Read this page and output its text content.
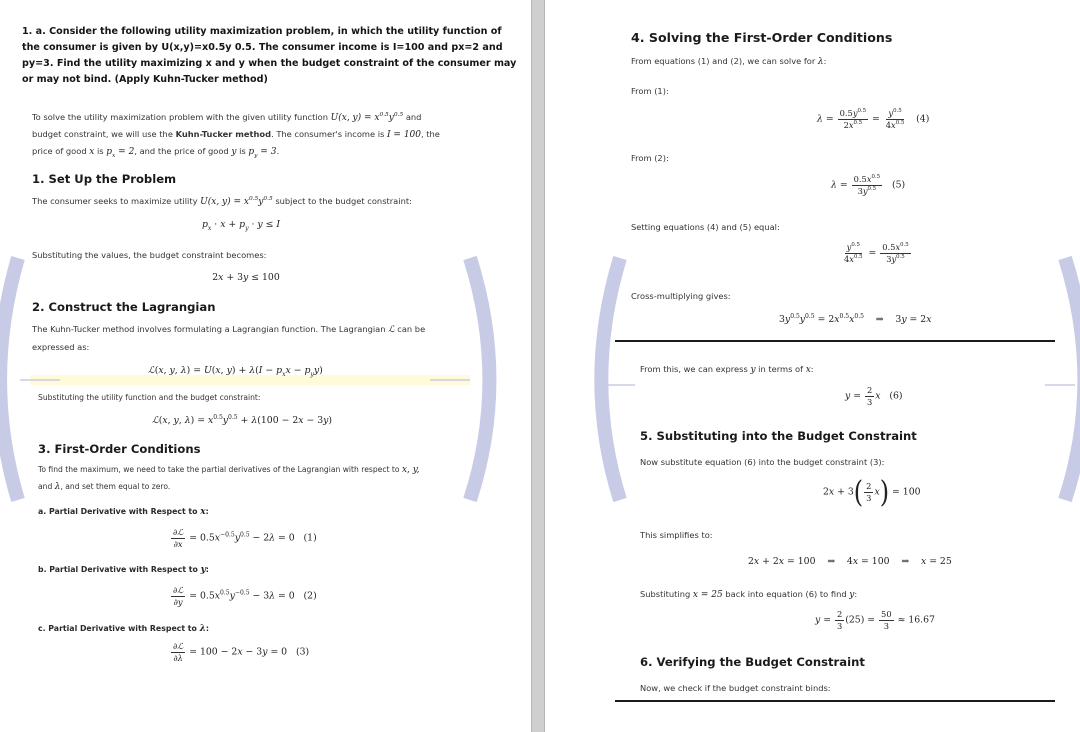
1. a. Consider the following utility maximization problem, in which the utility function of
the consumer is given by U(x,y)=x0.5y 0.5. The consumer income is I=100 and px=2 and
py=3. Find the utility maximizing x and y when the budget constraint of the consumer may
or may not bind. (Apply Kuhn-Tucker method)
To solve the utility maximization problem with the given utility function U(x, $y) = x^{0.5}y^{0.5}$ and
budget constraint, we will use the Kuhn-Tucker method. The consumer's income is I = 100, the
price of good x is $p_x = 2$, and the price of good y is $p_y = 3$.
1. Set Up the Problem
The consumer seeks to maximize utility U(x, $y) = x^{0.5}y^{0.5}$ subject to the budget constraint:
$p_x \cdot x + p_y \cdot y \le I$
Substituting the values, the budget constraint becomes:
2x + 3y ≤ 100
2. Construct the Lagrangian
The Kuhn-Tucker method involves formulating a Lagrangian function. The Lagrangian ℒ can be
expressed as:
ℒ(x, y, λ) = U(x, $y) + \lambda(I - p_xx - p_yy)$
Substituting the utility function and the budget constraint:
ℒ(x, y, $\lambda) = x^{0.5}y^{0.5} + \lambda(100 - 2x - 3y)$
3. First-Order Conditions
To find the maximum, we need to take the partial derivatives of the Lagrangian with respect to x, y,
and λ, and set them equal to zero.
a. Partial Derivative with Respect to x:
$\frac{\text{∂ℒ}}{\partial x} = 0.5x^{-0.5}y^{0.5} - 2\lambda = 0$   (1)
b. Partial Derivative with Respect to y:
$\frac{\text{∂ℒ}}{\partial y} = 0.5x^{0.5}y^{-0.5} - 3\lambda = 0$   (2)
c. Partial Derivative with Respect to λ:
$\frac{\text{∂ℒ}}{\partial\lambda} = 100 - 2x - 3y = 0$   (3)
4. Solving the First-Order Conditions
From equations (1) and (2), we can solve for λ:
From (1):
$\lambda = \frac{0.5y^{0.5}}{2x^{0.5}} = \frac{y^{0.5}}{4x^{0.5}} (4)$
From (2):
$\lambda = \frac{0.5x^{0.5}}{3y^{0.5}} (5)$
Setting equations (4) and (5) equal:
$\frac{y^{0.5}}{4x^{0.5}} = \frac{0.5x^{0.5}}{3y^{0.5}}$
Cross-multiplying gives:
$3y^{0.5}y^{0.5} = 2x^{0.5}x^{0.5}$    ⇒    3y = 2x
From this, we can express y in terms of x:
$y = \frac{2}{3}$ x (6)
5. Substituting into the Budget Constraint
Now substitute equation (6) into the budget constraint (3):
$2x + 3( \frac{2}{3} x) = 100$
This simplifies to:
2x + 2x = 100    ⇒    4x = 100    ⇒    x = 25
Substituting x = 25 back into equation (6) to find y:
$y = \frac{2}{3} (25) = \frac{50}{3} \approx 16.67$
6. Verifying the Budget Constraint
Now, we check if the budget constraint binds:
